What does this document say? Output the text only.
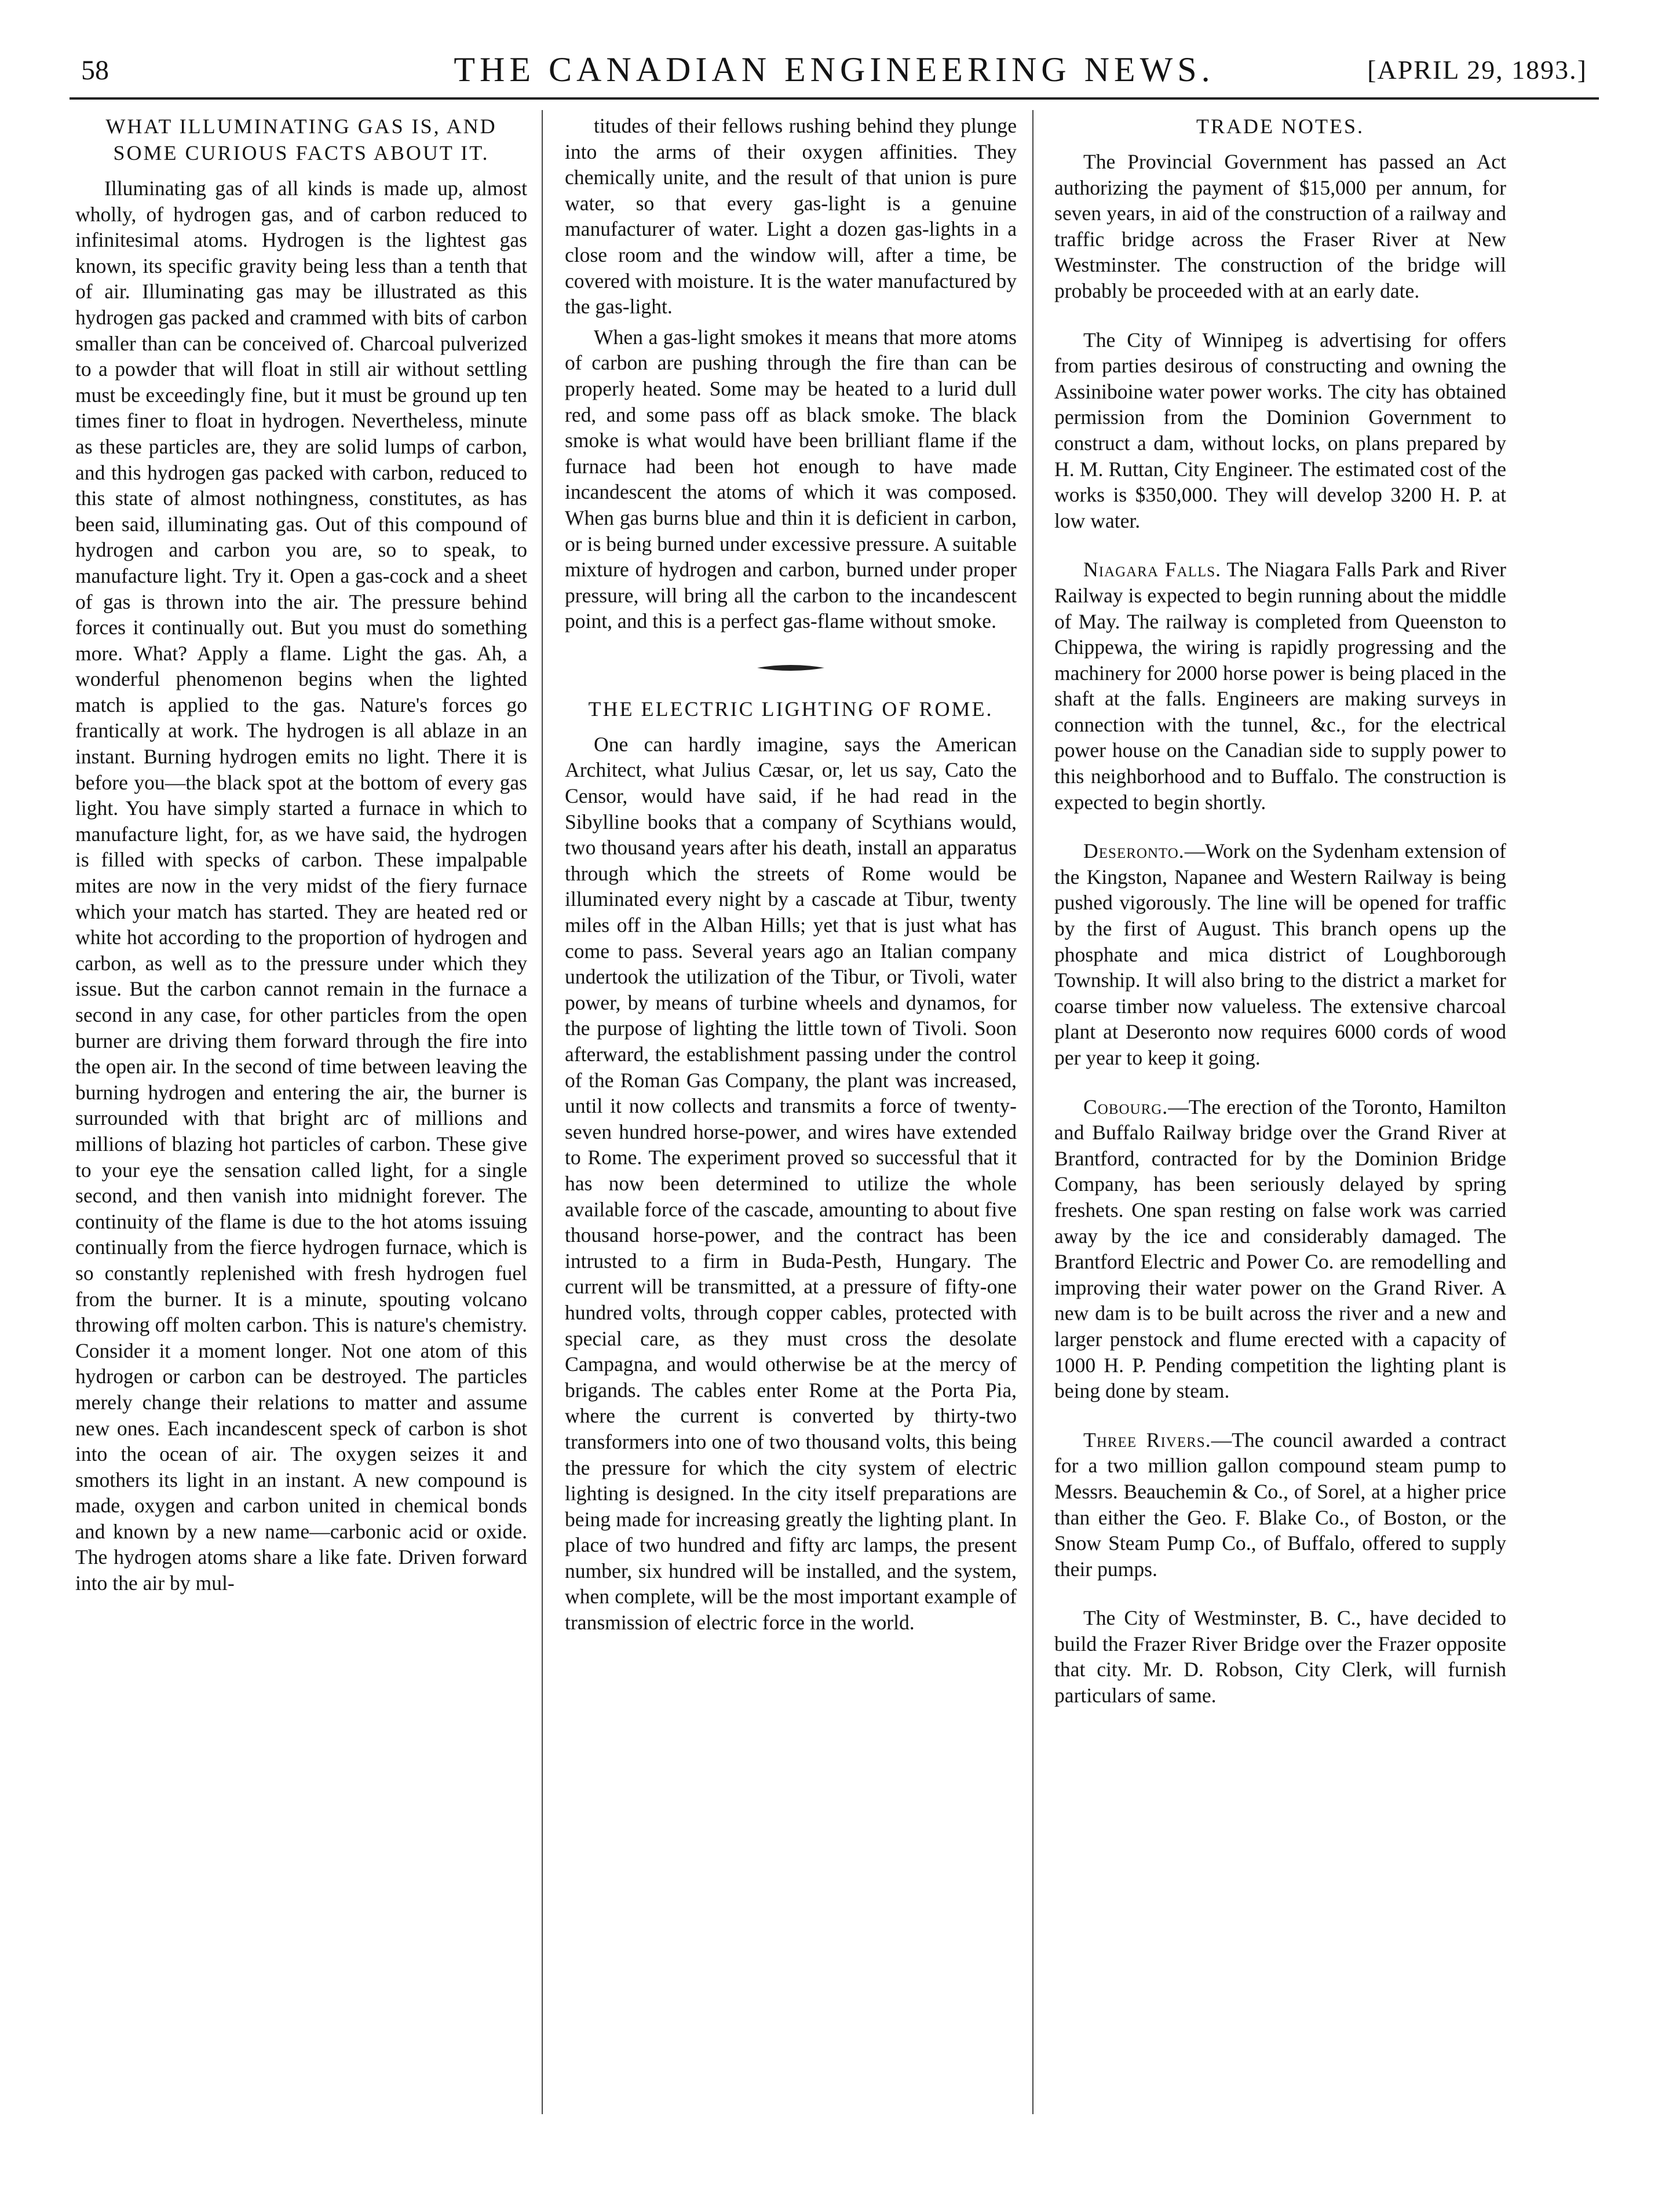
58	THE CANADIAN ENGINEERING NEWS.	[APRIL 29, 1893.]
WHAT ILLUMINATING GAS IS, AND SOME CURIOUS FACTS ABOUT IT.

Illuminating gas of all kinds is made up, almost wholly, of hydrogen gas, and of carbon reduced to infinitesimal atoms. Hydrogen is the lightest gas known, its specific gravity being less than a tenth that of air. Illuminating gas may be illustrated as this hydrogen gas packed and crammed with bits of carbon smaller than can be conceived of. Charcoal pulverized to a powder that will float in still air without settling must be exceedingly fine, but it must be ground up ten times finer to float in hydrogen. Nevertheless, minute as these particles are, they are solid lumps of carbon, and this hydrogen gas packed with carbon, reduced to this state of almost nothingness, constitutes, as has been said, illuminating gas. Out of this compound of hydrogen and carbon you are, so to speak, to manufacture light. Try it. Open a gas-cock and a sheet of gas is thrown into the air. The pressure behind forces it continually out. But you must do something more. What? Apply a flame. Light the gas. Ah, a wonderful phenomenon begins when the lighted match is applied to the gas. Nature's forces go frantically at work. The hydrogen is all ablaze in an instant. Burning hydrogen emits no light. There it is before you—the black spot at the bottom of every gas light. You have simply started a furnace in which to manufacture light, for, as we have said, the hydrogen is filled with specks of carbon. These impalpable mites are now in the very midst of the fiery furnace which your match has started. They are heated red or white hot according to the proportion of hydrogen and carbon, as well as to the pressure under which they issue. But the carbon cannot remain in the furnace a second in any case, for other particles from the open burner are driving them forward through the fire into the open air. In the second of time between leaving the burning hydrogen and entering the air, the burner is surrounded with that bright arc of millions and millions of blazing hot particles of carbon. These give to your eye the sensation called light, for a single second, and then vanish into midnight forever. The continuity of the flame is due to the hot atoms issuing continually from the fierce hydrogen furnace, which is so constantly replenished with fresh hydrogen fuel from the burner. It is a minute, spouting volcano throwing off molten carbon. This is nature's chemistry. Consider it a moment longer. Not one atom of this hydrogen or carbon can be destroyed. The particles merely change their relations to matter and assume new ones. Each incandescent speck of carbon is shot into the ocean of air. The oxygen seizes it and smothers its light in an instant. A new compound is made, oxygen and carbon united in chemical bonds and known by a new name—carbonic acid or oxide. The hydrogen atoms share a like fate. Driven forward into the air by mul-

titudes of their fellows rushing behind they plunge into the arms of their oxygen affinities. They chemically unite, and the result of that union is pure water, so that every gas-light is a genuine manufacturer of water. Light a dozen gas-lights in a close room and the window will, after a time, be covered with moisture. It is the water manufactured by the gas-light.

When a gas-light smokes it means that more atoms of carbon are pushing through the fire than can be properly heated. Some may be heated to a lurid dull red, and some pass off as black smoke. The black smoke is what would have been brilliant flame if the furnace had been hot enough to have made incandescent the atoms of which it was composed. When gas burns blue and thin it is deficient in carbon, or is being burned under excessive pressure. A suitable mixture of hydrogen and carbon, burned under proper pressure, will bring all the carbon to the incandescent point, and this is a perfect gas-flame without smoke.

THE ELECTRIC LIGHTING OF ROME.

One can hardly imagine, says the American Architect, what Julius Cæsar, or, let us say, Cato the Censor, would have said, if he had read in the Sibylline books that a company of Scythians would, two thousand years after his death, install an apparatus through which the streets of Rome would be illuminated every night by a cascade at Tibur, twenty miles off in the Alban Hills; yet that is just what has come to pass. Several years ago an Italian company undertook the utilization of the Tibur, or Tivoli, water power, by means of turbine wheels and dynamos, for the purpose of lighting the little town of Tivoli. Soon afterward, the establishment passing under the control of the Roman Gas Company, the plant was increased, until it now collects and transmits a force of twenty-seven hundred horse-power, and wires have extended to Rome. The experiment proved so successful that it has now been determined to utilize the whole available force of the cascade, amounting to about five thousand horse-power, and the contract has been intrusted to a firm in Buda-Pesth, Hungary. The current will be transmitted, at a pressure of fifty-one hundred volts, through copper cables, protected with special care, as they must cross the desolate Campagna, and would otherwise be at the mercy of brigands. The cables enter Rome at the Porta Pia, where the current is converted by thirty-two transformers into one of two thousand volts, this being the pressure for which the city system of electric lighting is designed. In the city itself preparations are being made for increasing greatly the lighting plant. In place of two hundred and fifty arc lamps, the present number, six hundred will be installed, and the system, when complete, will be the most important example of transmission of electric force in the world.

TRADE NOTES.

The Provincial Government has passed an Act authorizing the payment of $15,000 per annum, for seven years, in aid of the construction of a railway and traffic bridge across the Fraser River at New Westminster. The construction of the bridge will probably be proceeded with at an early date.

The City of Winnipeg is advertising for offers from parties desirous of constructing and owning the Assiniboine water power works. The city has obtained permission from the Dominion Government to construct a dam, without locks, on plans prepared by H. M. Ruttan, City Engineer. The estimated cost of the works is $350,000. They will develop 3200 H. P. at low water.

Niagara Falls. The Niagara Falls Park and River Railway is expected to begin running about the middle of May. The railway is completed from Queenston to Chippewa, the wiring is rapidly progressing and the machinery for 2000 horse power is being placed in the shaft at the falls. Engineers are making surveys in connection with the tunnel, &c., for the electrical power house on the Canadian side to supply power to this neighborhood and to Buffalo. The construction is expected to begin shortly.

Deseronto.—Work on the Sydenham extension of the Kingston, Napanee and Western Railway is being pushed vigorously. The line will be opened for traffic by the first of August. This branch opens up the phosphate and mica district of Loughborough Township. It will also bring to the district a market for coarse timber now valueless. The extensive charcoal plant at Deseronto now requires 6000 cords of wood per year to keep it going.

Cobourg.—The erection of the Toronto, Hamilton and Buffalo Railway bridge over the Grand River at Brantford, contracted for by the Dominion Bridge Company, has been seriously delayed by spring freshets. One span resting on false work was carried away by the ice and considerably damaged. The Brantford Electric and Power Co. are remodelling and improving their water power on the Grand River. A new dam is to be built across the river and a new and larger penstock and flume erected with a capacity of 1000 H. P. Pending competition the lighting plant is being done by steam.

Three Rivers.—The council awarded a contract for a two million gallon compound steam pump to Messrs. Beauchemin & Co., of Sorel, at a higher price than either the Geo. F. Blake Co., of Boston, or the Snow Steam Pump Co., of Buffalo, offered to supply their pumps.

The City of Westminster, B. C., have decided to build the Frazer River Bridge over the Frazer opposite that city. Mr. D. Robson, City Clerk, will furnish particulars of same.
